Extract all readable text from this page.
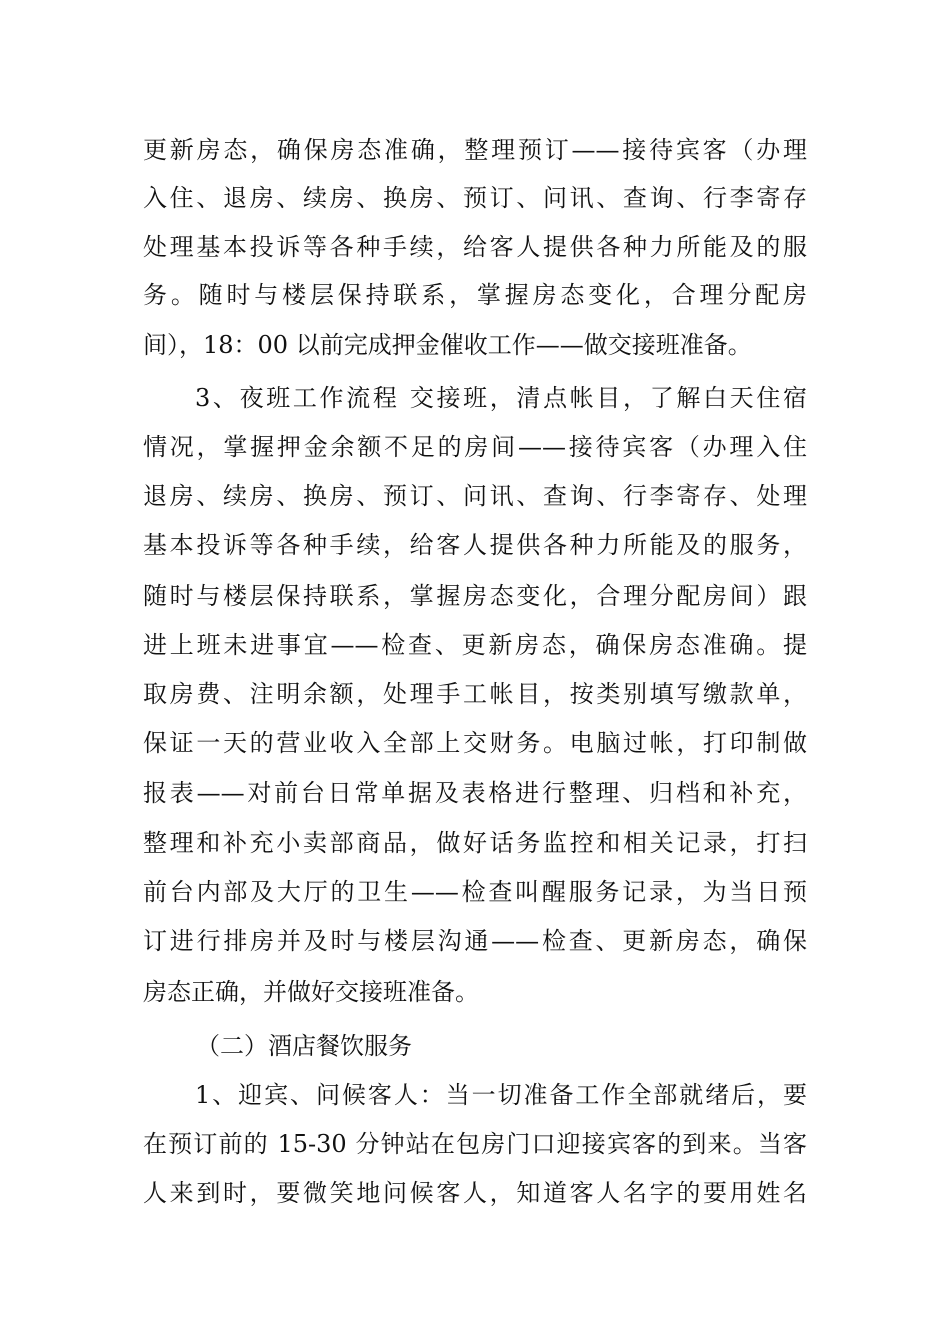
更新房态，确保房态准确，整理预订——接待宾客（办理
入住、退房、续房、换房、预订、问讯、查询、行李寄存
处理基本投诉等各种手续，给客人提供各种力所能及的服
务。随时与楼层保持联系，掌握房态变化，合理分配房
间），18：00 以前完成押金催收工作——做交接班准备。
3、夜班工作流程 交接班，清点帐目，了解白天住宿
情况，掌握押金余额不足的房间——接待宾客（办理入住
退房、续房、换房、预订、问讯、查询、行李寄存、处理
基本投诉等各种手续，给客人提供各种力所能及的服务，
随时与楼层保持联系，掌握房态变化，合理分配房间）跟
进上班未进事宜——检查、更新房态，确保房态准确。提
取房费、注明余额，处理手工帐目，按类别填写缴款单，
保证一天的营业收入全部上交财务。电脑过帐，打印制做
报表——对前台日常单据及表格进行整理、归档和补充，
整理和补充小卖部商品，做好话务监控和相关记录，打扫
前台内部及大厅的卫生——检查叫醒服务记录，为当日预
订进行排房并及时与楼层沟通——检查、更新房态，确保
房态正确，并做好交接班准备。
（二）酒店餐饮服务
1、迎宾、问候客人：当一切准备工作全部就绪后，要
在预订前的 15-30 分钟站在包房门口迎接宾客的到来。当客
人来到时，要微笑地问候客人，知道客人名字的要用姓名
